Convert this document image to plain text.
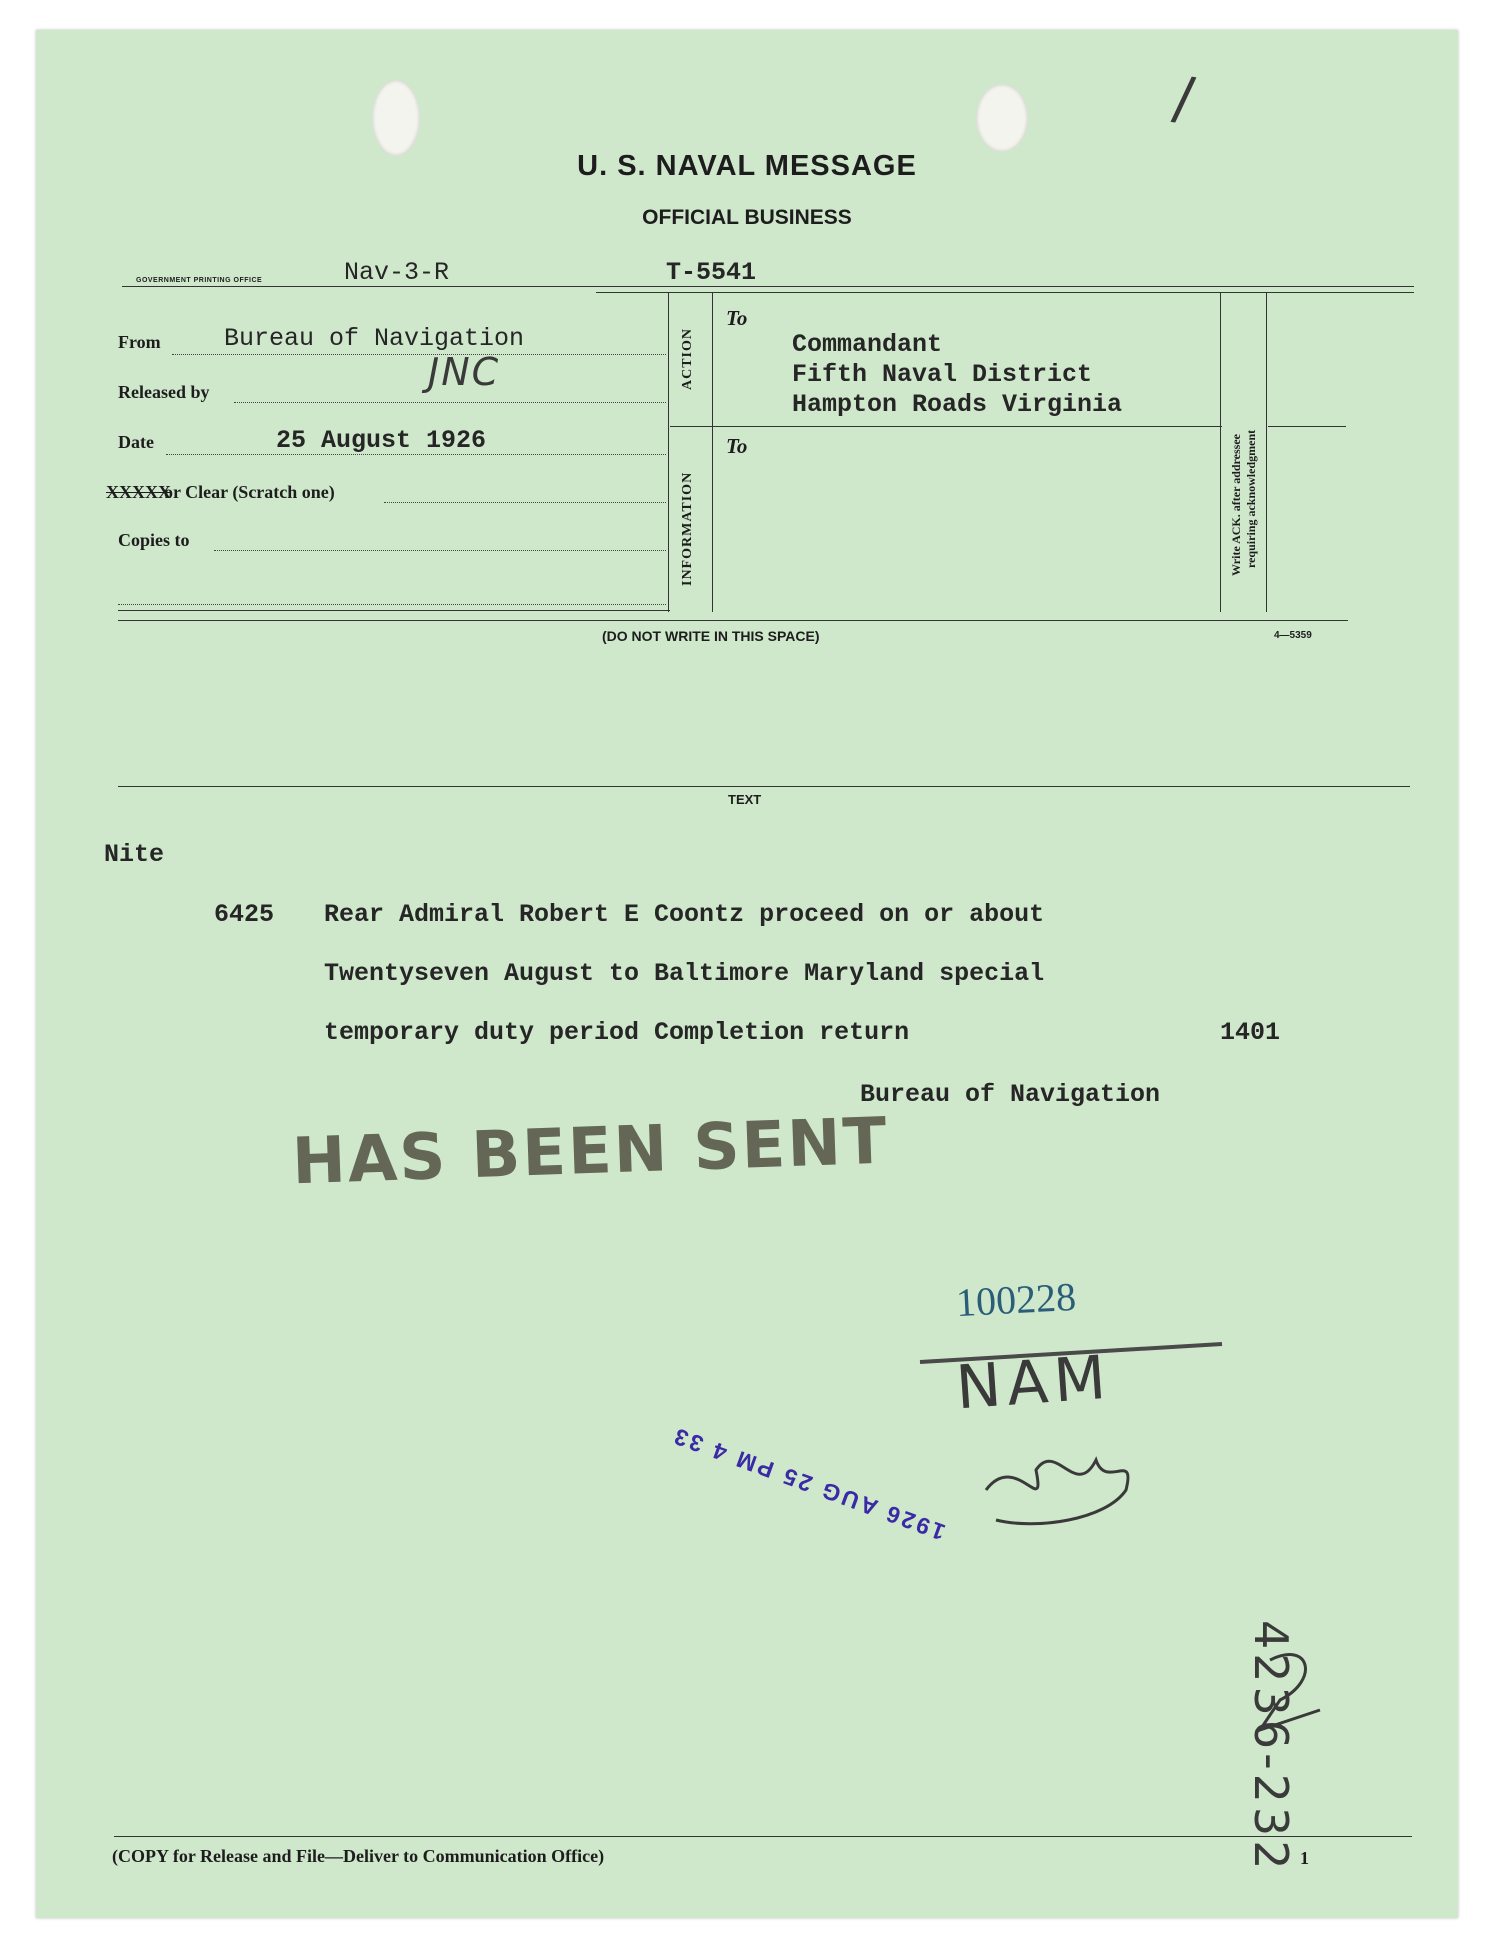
/
U. S. NAVAL MESSAGE
OFFICIAL BUSINESS
GOVERNMENT PRINTING OFFICE	Nav-3-R	T-5541
From	Bureau of Navigation
Released by	JNC
Date	25 August 1926
XXXXX
or Clear (Scratch one)
Copies to
ACTION
INFORMATION	Write ACK. after addressee requiring acknowledgment
To
Commandant
Fifth Naval District
Hampton Roads Virginia
To
(DO NOT WRITE IN THIS SPACE)	4—5359
TEXT
Nite
6425 Rear Admiral Robert E Coontz proceed on or about
Twentyseven August to Baltimore Maryland special
temporary duty period Completion return	1401
Bureau of Navigation
HAS BEEN SENT
100228
NAM
1926 AUG 25 PM 4 33
4236-232
(COPY for Release and File—Deliver to Communication Office)	1
